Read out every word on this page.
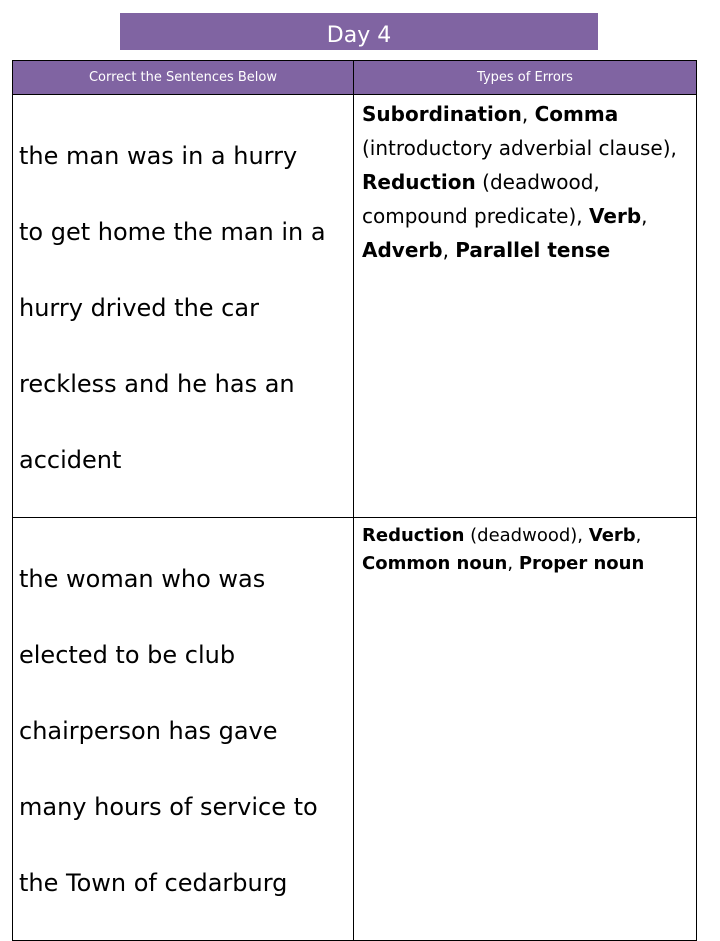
Day 4
Correct the Sentences Below	Types of Errors

the man was in a hurry

to get home the man in a

hurry drived the car

reckless and he has an

accident	Subordination, Comma (introductory adverbial clause), Reduction (deadwood, compound predicate), Verb, Adverb, Parallel tense

the woman who was

elected to be club

chairperson has gave

many hours of service to

the Town of cedarburg	Reduction (deadwood), Verb, Common noun, Proper noun
